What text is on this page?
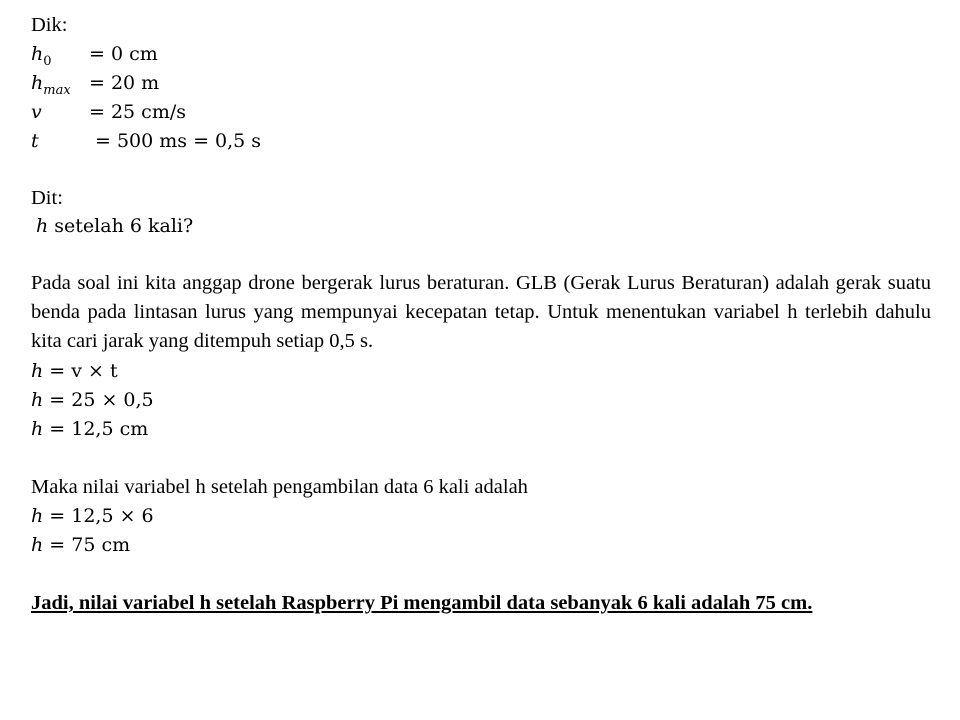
Dik:
$h_0 = 0$ cm
$h_{max} = 20$ m
v = 25 cm/s
t	= 500 ms = 0,5 s
Dit:
h setelah 6 kali?
Pada soal ini kita anggap drone bergerak lurus beraturan. GLB (Gerak Lurus Beraturan) adalah gerak suatu benda pada lintasan lurus yang mempunyai kecepatan tetap. Untuk menentukan variabel h terlebih dahulu kita cari jarak yang ditempuh setiap 0,5 s.
h = v × t
h = 25 × 0,5
h = 12,5 cm
Maka nilai variabel h setelah pengambilan data 6 kali adalah
h = 12,5 × 6
h = 75 cm
Jadi, nilai variabel h setelah Raspberry Pi mengambil data sebanyak 6 kali adalah 75 cm.
